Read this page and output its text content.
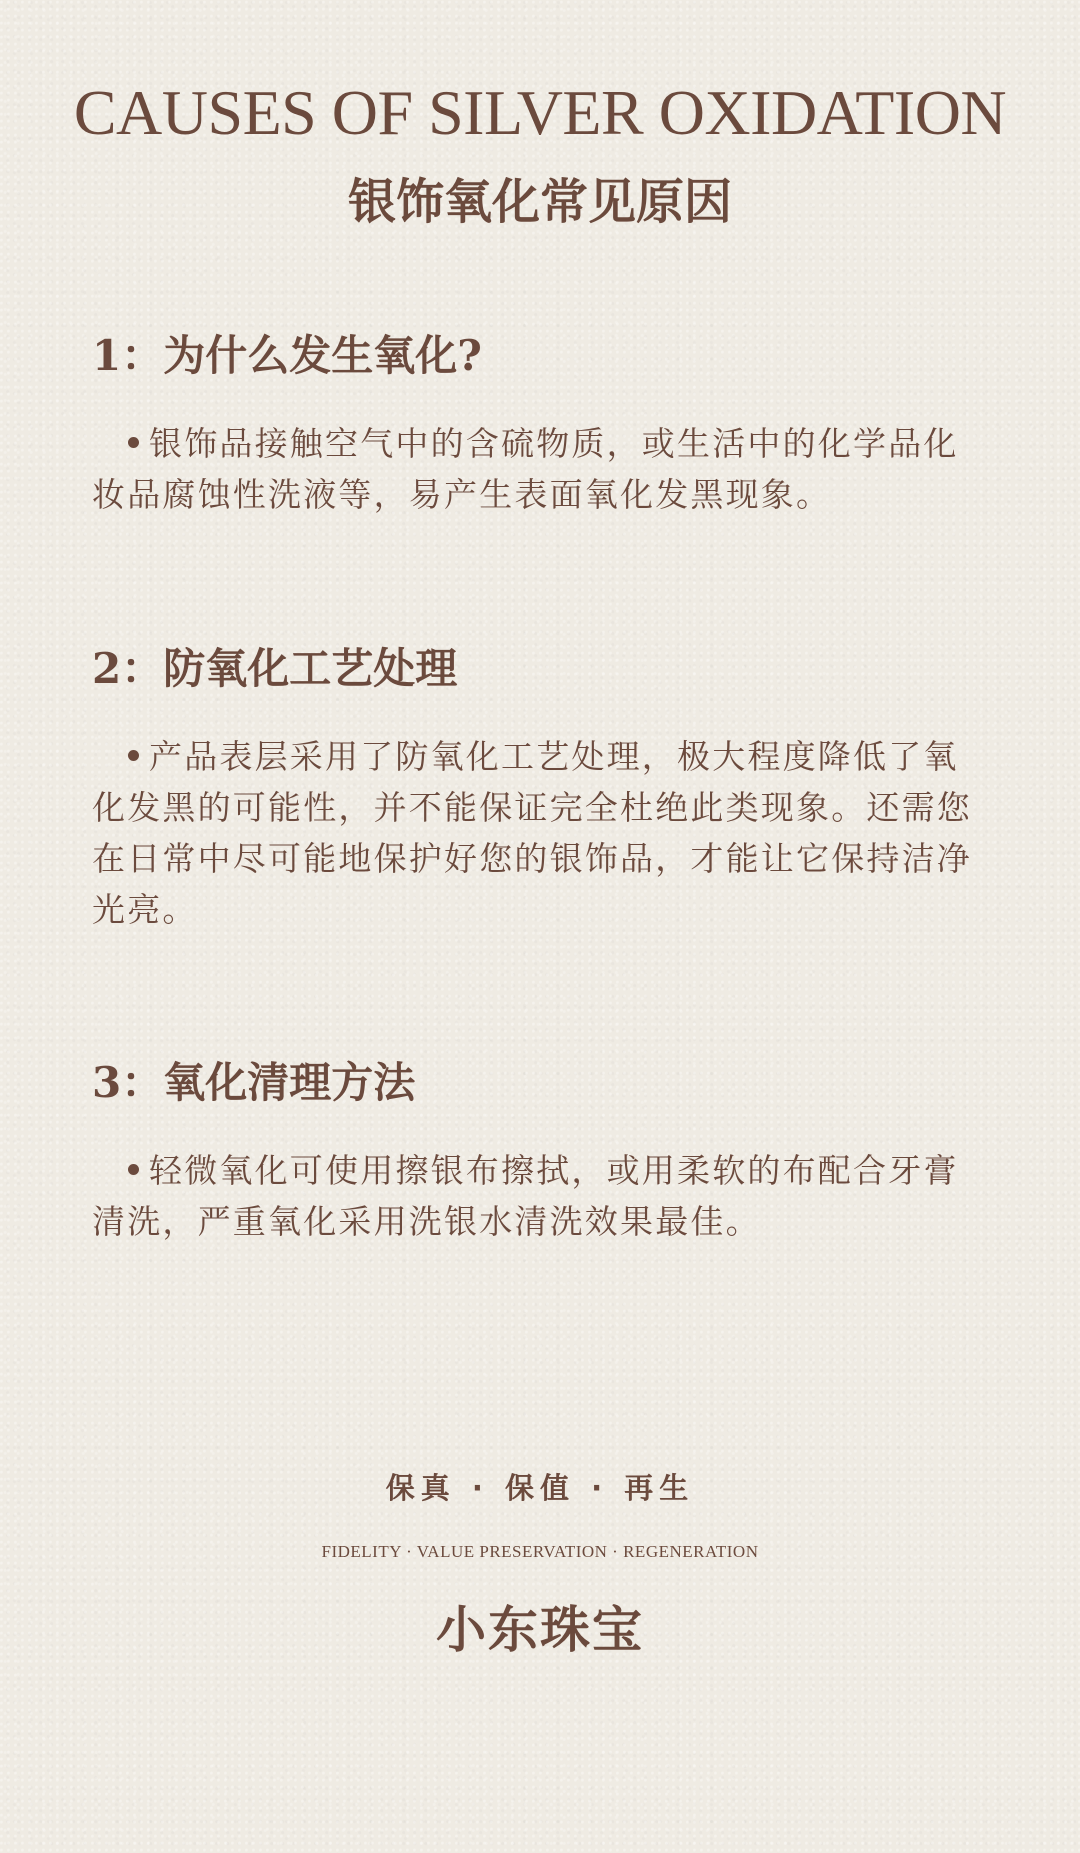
CAUSES OF SILVER OXIDATION
银饰氧化常见原因
1：为什么发生氧化?
银饰品接触空气中的含硫物质，或生活中的化学品化妆品腐蚀性洗液等，易产生表面氧化发黑现象。
2：防氧化工艺处理
产品表层采用了防氧化工艺处理，极大程度降低了氧化发黑的可能性，并不能保证完全杜绝此类现象。还需您在日常中尽可能地保护好您的银饰品，才能让它保持洁净光亮。
3：氧化清理方法
轻微氧化可使用擦银布擦拭，或用柔软的布配合牙膏清洗，严重氧化采用洗银水清洗效果最佳。
保真 · 保值 · 再生
FIDELITY · VALUE PRESERVATION · REGENERATION
小东珠宝
